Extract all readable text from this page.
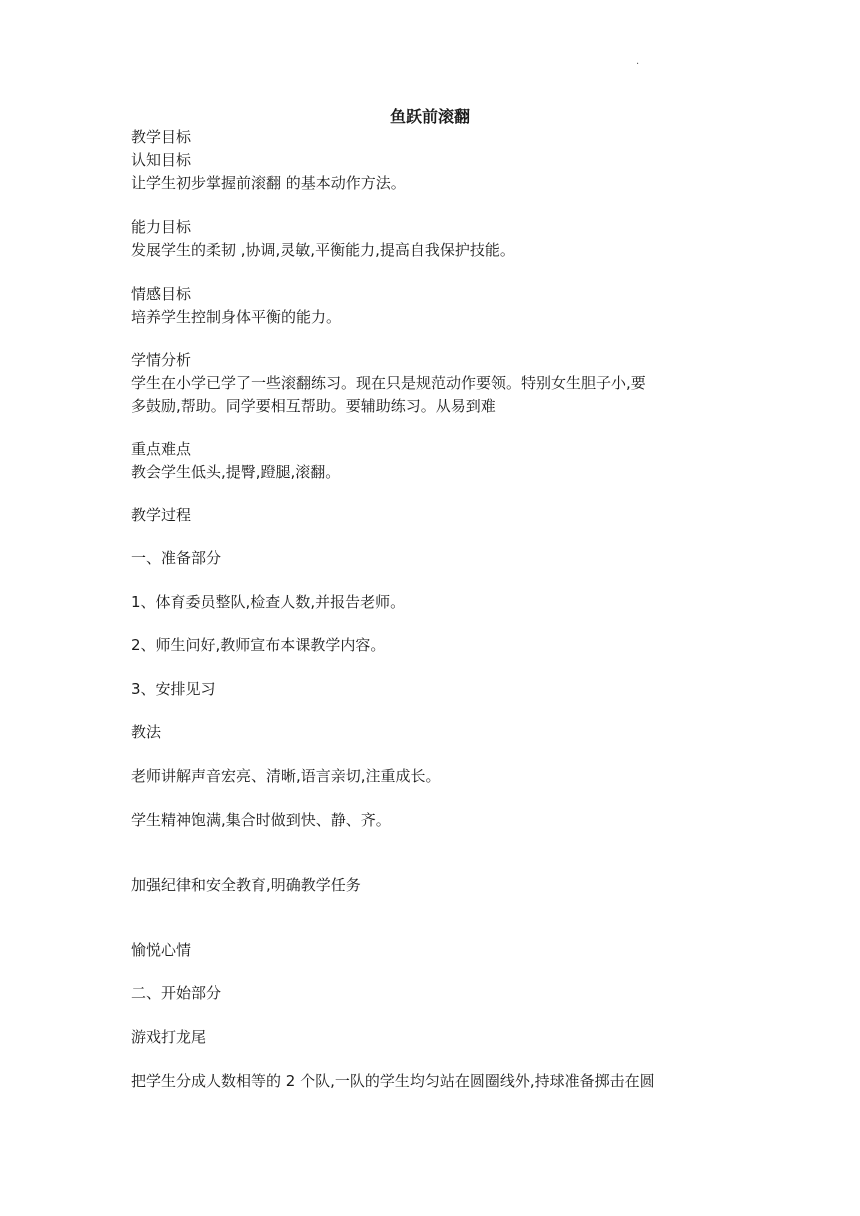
.
鱼跃前滚翻
教学目标
认知目标
让学生初步掌握前滚翻 的基本动作方法。
能力目标
发展学生的柔韧 ,协调,灵敏,平衡能力,提高自我保护技能。
情感目标
培养学生控制身体平衡的能力。
学情分析
学生在小学已学了一些滚翻练习。现在只是规范动作要领。特别女生胆子小,要
多鼓励,帮助。同学要相互帮助。要辅助练习。从易到难
重点难点
教会学生低头,提臀,蹬腿,滚翻。
教学过程
一、准备部分
1、体育委员整队,检查人数,并报告老师。
2、师生问好,教师宣布本课教学内容。
3、安排见习
教法
老师讲解声音宏亮、清晰,语言亲切,注重成长。
学生精神饱满,集合时做到快、静、齐。
加强纪律和安全教育,明确教学任务
愉悦心情
二、开始部分
游戏打龙尾
把学生分成人数相等的 2 个队,一队的学生均匀站在圆圈线外,持球准备掷击在圆
